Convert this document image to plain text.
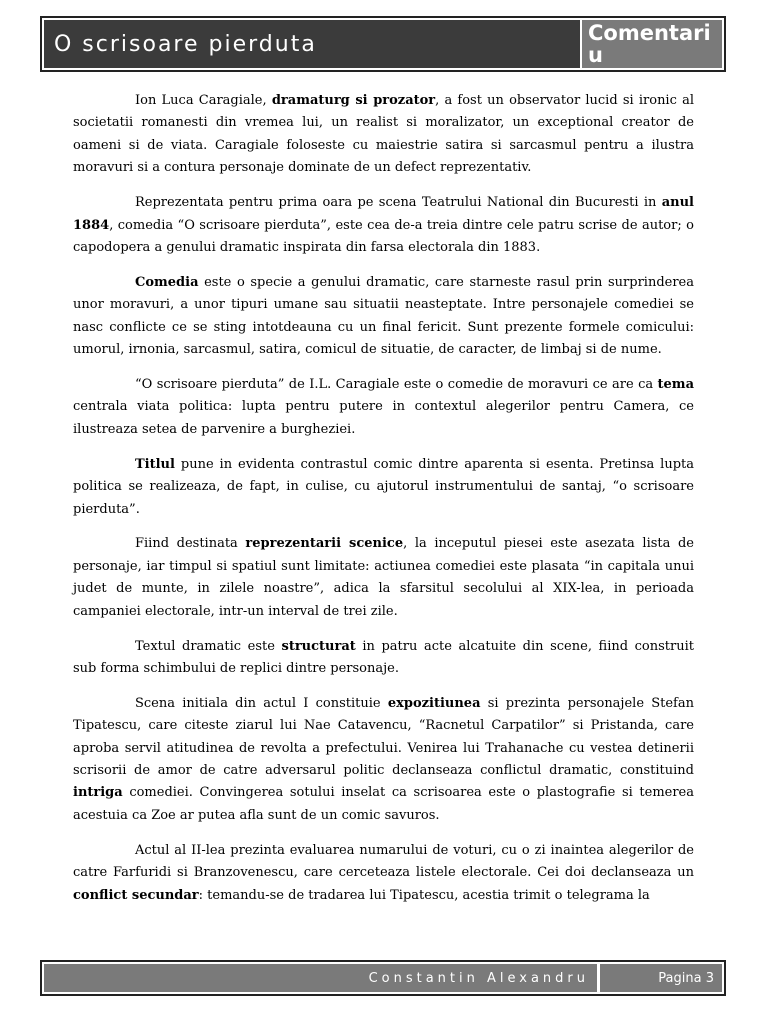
O scrisoare pierduta	Comentariu

Ion Luca Caragiale, dramaturg si prozator, a fost un observator lucid si ironic al societatii romanesti din vremea lui, un realist si moralizator, un exceptional creator de oameni si de viata. Caragiale foloseste cu maiestrie satira si sarcasmul pentru a ilustra moravuri si a contura personaje dominate de un defect reprezentativ.

Reprezentata pentru prima oara pe scena Teatrului National din Bucuresti in anul 1884, comedia “O scrisoare pierduta”, este cea de-a treia dintre cele patru scrise de autor; o capodopera a genului dramatic inspirata din farsa electorala din 1883.

Comedia este o specie a genului dramatic, care starneste rasul prin surprinderea unor moravuri, a unor tipuri umane sau situatii neasteptate. Intre personajele comediei se nasc conflicte ce se sting intotdeauna cu un final fericit. Sunt prezente formele comicului: umorul, irnonia, sarcasmul, satira, comicul de situatie, de caracter, de limbaj si de nume.

“O scrisoare pierduta” de I.L. Caragiale este o comedie de moravuri ce are ca tema centrala viata politica: lupta pentru putere in contextul alegerilor pentru Camera, ce ilustreaza setea de parvenire a burgheziei.

Titlul pune in evidenta contrastul comic dintre aparenta si esenta. Pretinsa lupta politica se realizeaza, de fapt, in culise, cu ajutorul instrumentului de santaj, “o scrisoare pierduta”.

Fiind destinata reprezentarii scenice, la inceputul piesei este asezata lista de personaje, iar timpul si spatiul sunt limitate: actiunea comediei este plasata “in capitala unui judet de munte, in zilele noastre”, adica la sfarsitul secolului al XIX-lea, in perioada campaniei electorale, intr-un interval de trei zile.

Textul dramatic este structurat in patru acte alcatuite din scene, fiind construit sub forma schimbului de replici dintre personaje.

Scena initiala din actul I constituie expozitiunea si prezinta personajele Stefan Tipatescu, care citeste ziarul lui Nae Catavencu, “Racnetul Carpatilor” si Pristanda, care aproba servil atitudinea de revolta a prefectului. Venirea lui Trahanache cu vestea detinerii scrisorii de amor de catre adversarul politic declanseaza conflictul dramatic, constituind intriga comediei. Convingerea sotului inselat ca scrisoarea este o plastografie si temerea acestuia ca Zoe ar putea afla sunt de un comic savuros.

Actul al II-lea prezinta evaluarea numarului de voturi, cu o zi inaintea alegerilor de catre Farfuridi si Branzovenescu, care cerceteaza listele electorale. Cei doi declanseaza un conflict secundar: temandu-se de tradarea lui Tipatescu, acestia trimit o telegrama la

Constantin Alexandru	Pagina 3
